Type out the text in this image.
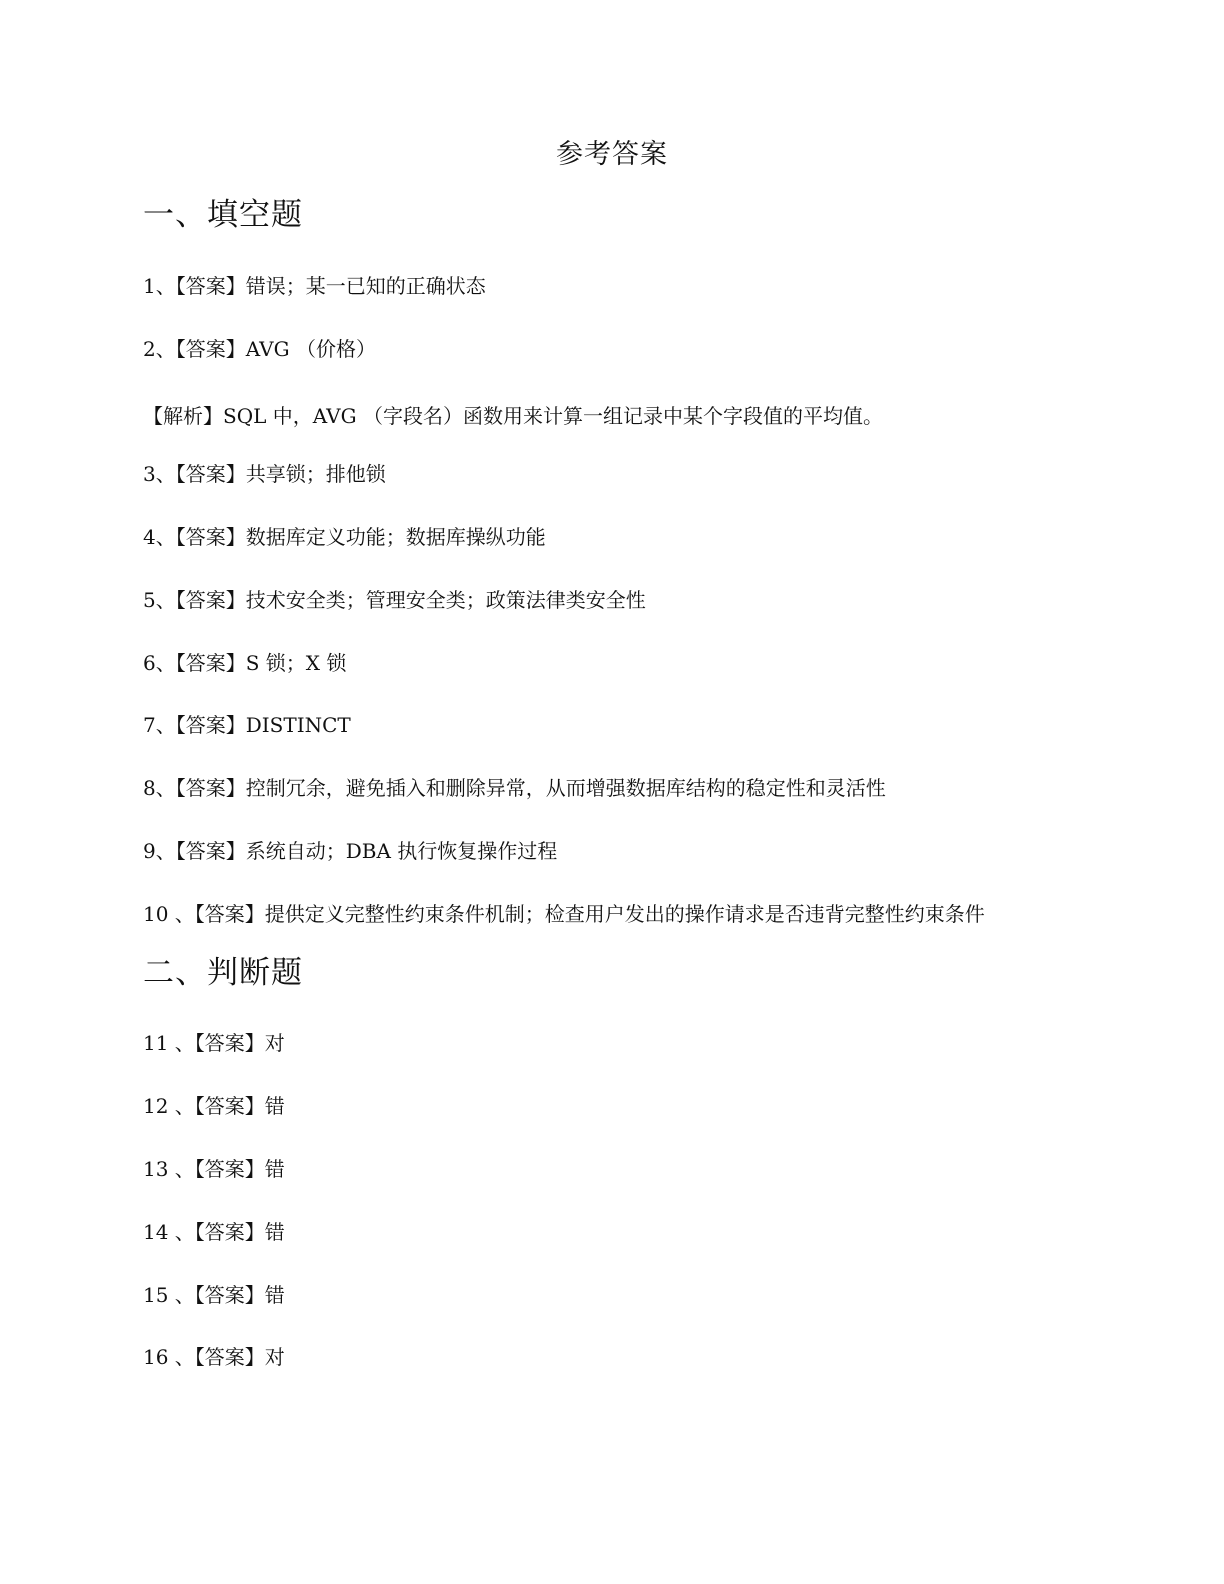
参考答案
一、填空题
1、【答案】错误；某一已知的正确状态
2、【答案】AVG （价格）
【解析】SQL 中，AVG （字段名）函数用来计算一组记录中某个字段值的平均值。
3、【答案】共享锁；排他锁
4、【答案】数据库定义功能；数据库操纵功能
5、【答案】技术安全类；管理安全类；政策法律类安全性
6、【答案】S 锁；X 锁
7、【答案】DISTINCT
8、【答案】控制冗余，避免插入和删除异常，从而增强数据库结构的稳定性和灵活性
9、【答案】系统自动；DBA 执行恢复操作过程
10 、【答案】提供定义完整性约束条件机制；检查用户发出的操作请求是否违背完整性约束条件
二、判断题
11 、【答案】对
12 、【答案】错
13 、【答案】错
14 、【答案】错
15 、【答案】错
16 、【答案】对
